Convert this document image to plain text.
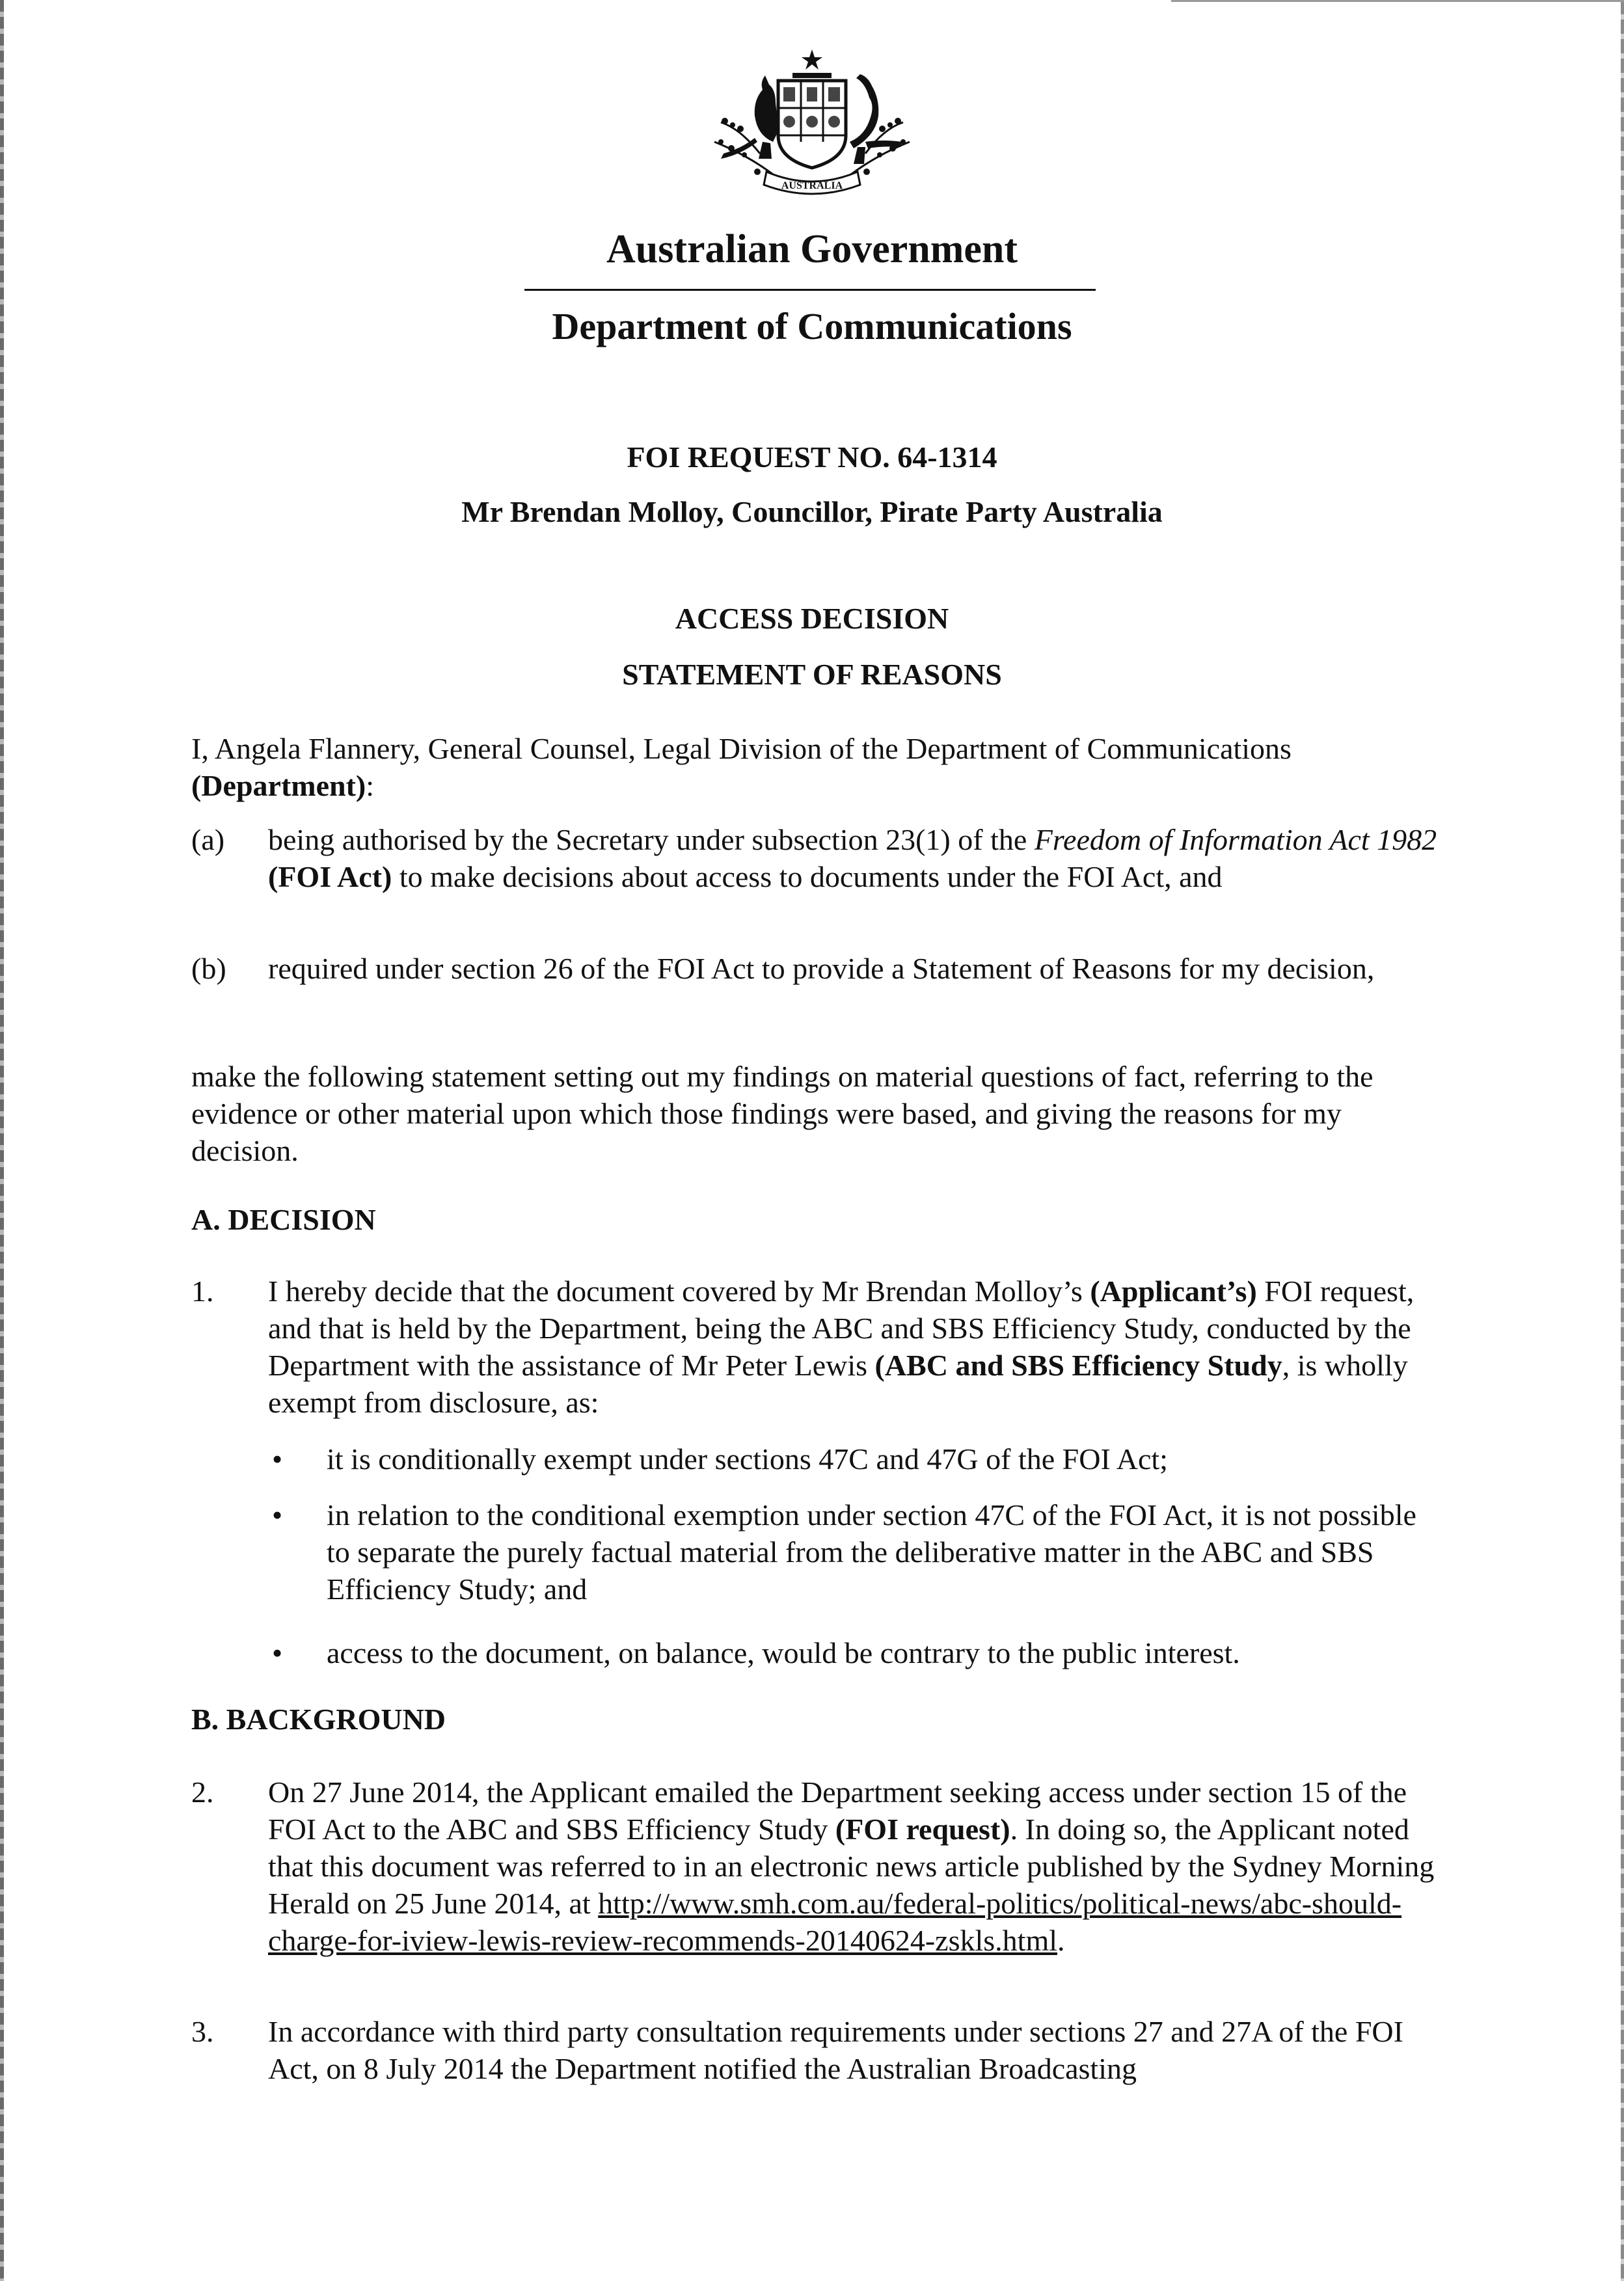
AUSTRALIA
Australian Government
Department of Communications
FOI REQUEST NO. 64-1314
Mr Brendan Molloy, Councillor, Pirate Party Australia
ACCESS DECISION
STATEMENT OF REASONS

I, Angela Flannery, General Counsel, Legal Division of the Department of Communications (Department):

(a) being authorised by the Secretary under subsection 23(1) of the Freedom of Information Act 1982 (FOI Act) to make decisions about access to documents under the FOI Act, and

(b) required under section 26 of the FOI Act to provide a Statement of Reasons for my decision,

make the following statement setting out my findings on material questions of fact, referring to the evidence or other material upon which those findings were based, and giving the reasons for my decision.

A. DECISION
1. I hereby decide that the document covered by Mr Brendan Molloy’s (Applicant’s) FOI request, and that is held by the Department, being the ABC and SBS Efficiency Study, conducted by the Department with the assistance of Mr Peter Lewis (ABC and SBS Efficiency Study, is wholly exempt from disclosure, as:

• it is conditionally exempt under sections 47C and 47G of the FOI Act;

• in relation to the conditional exemption under section 47C of the FOI Act, it is not possible to separate the purely factual material from the deliberative matter in the ABC and SBS Efficiency Study; and

• access to the document, on balance, would be contrary to the public interest.

B. BACKGROUND
2. On 27 June 2014, the Applicant emailed the Department seeking access under section 15 of the FOI Act to the ABC and SBS Efficiency Study (FOI request). In doing so, the Applicant noted that this document was referred to in an electronic news article published by the Sydney Morning Herald on 25 June 2014, at http://www.smh.com.au/federal-politics/political-news/abc-should-charge-for-iview-lewis-review-recommends-20140624-zskls.html.

3. In accordance with third party consultation requirements under sections 27 and 27A of the FOI Act, on 8 July 2014 the Department notified the Australian Broadcasting
